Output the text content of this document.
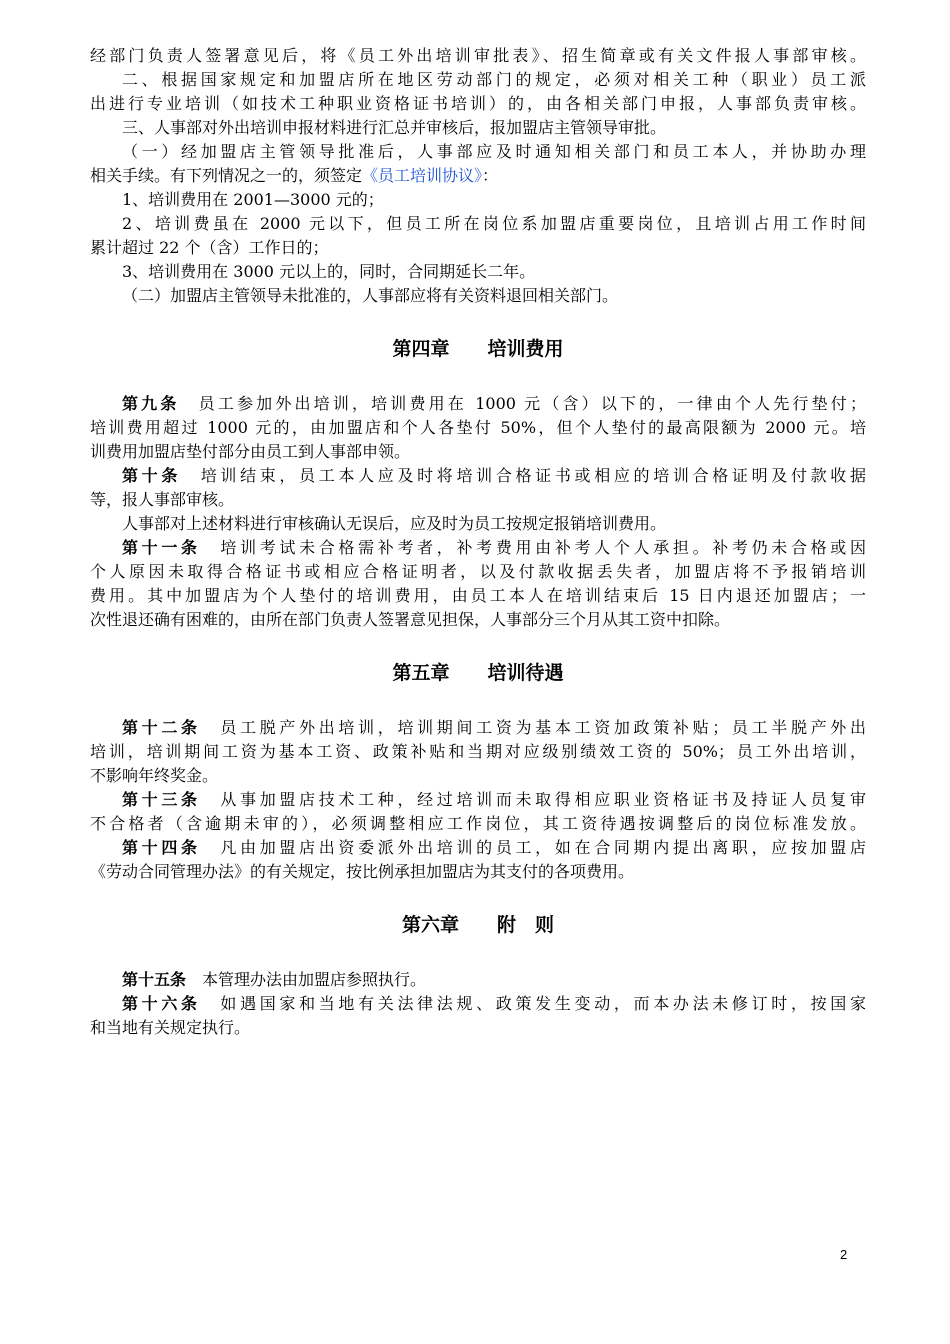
经部门负责人签署意见后，将《员工外出培训审批表》、招生简章或有关文件报人事部审核。
二、根据国家规定和加盟店所在地区劳动部门的规定，必须对相关工种（职业）员工派
出进行专业培训（如技术工种职业资格证书培训）的，由各相关部门申报，人事部负责审核。
三、人事部对外出培训申报材料进行汇总并审核后，报加盟店主管领导审批。
（一）经加盟店主管领导批准后，人事部应及时通知相关部门和员工本人，并协助办理
相关手续。有下列情况之一的，须签定《员工培训协议》：
1、培训费用在 2001—3000 元的；
2、培训费虽在 2000 元以下，但员工所在岗位系加盟店重要岗位，且培训占用工作时间
累计超过 22 个（含）工作日的；
3、培训费用在 3000 元以上的，同时，合同期延长二年。
（二）加盟店主管领导未批准的，人事部应将有关资料退回相关部门。
第四章　　培训费用
第九条　 员工参加外出培训，培训费用在 1000 元（含）以下的，一律由个人先行垫付；
培训费用超过 1000 元的，由加盟店和个人各垫付 50%，但个人垫付的最高限额为 2000 元。培
训费用加盟店垫付部分由员工到人事部申领。
第十条　 培训结束，员工本人应及时将培训合格证书或相应的培训合格证明及付款收据
等，报人事部审核。
人事部对上述材料进行审核确认无误后，应及时为员工按规定报销培训费用。
第十一条　 培训考试未合格需补考者，补考费用由补考人个人承担。补考仍未合格或因
个人原因未取得合格证书或相应合格证明者，以及付款收据丢失者，加盟店将不予报销培训
费用。其中加盟店为个人垫付的培训费用，由员工本人在培训结束后 15 日内退还加盟店；一
次性退还确有困难的，由所在部门负责人签署意见担保，人事部分三个月从其工资中扣除。
第五章　　培训待遇
第十二条　 员工脱产外出培训，培训期间工资为基本工资加政策补贴；员工半脱产外出
培训，培训期间工资为基本工资、政策补贴和当期对应级别绩效工资的 50%；员工外出培训，
不影响年终奖金。
第十三条　 从事加盟店技术工种，经过培训而未取得相应职业资格证书及持证人员复审
不合格者（含逾期未审的），必须调整相应工作岗位，其工资待遇按调整后的岗位标准发放。
第十四条　 凡由加盟店出资委派外出培训的员工，如在合同期内提出离职，应按加盟店
《劳动合同管理办法》的有关规定，按比例承担加盟店为其支付的各项费用。
第六章　　附　则
第十五条　 本管理办法由加盟店参照执行。
第十六条　 如遇国家和当地有关法律法规、政策发生变动，而本办法未修订时，按国家
和当地有关规定执行。
2
